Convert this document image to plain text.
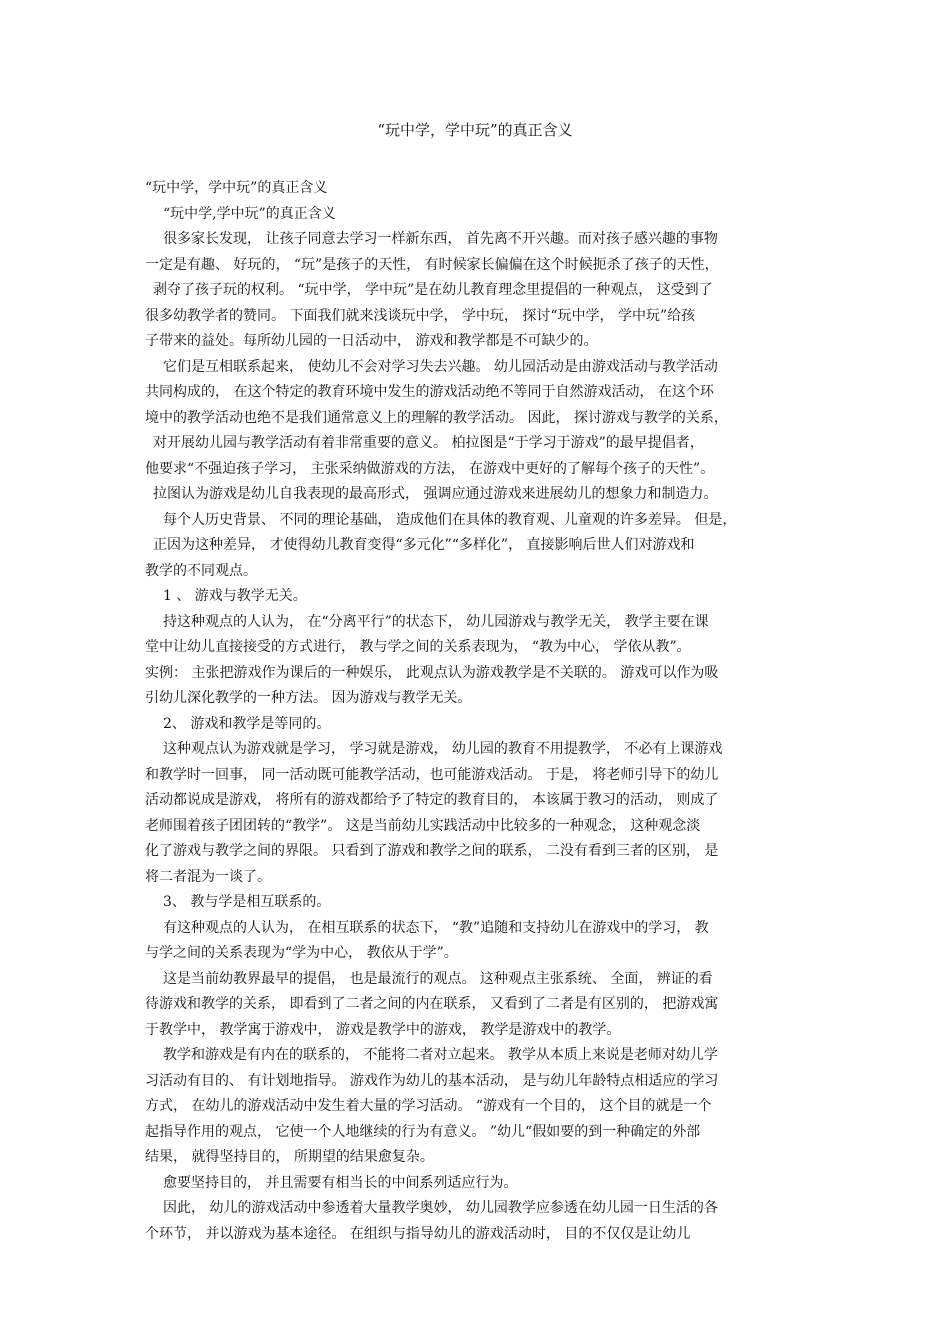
“玩中学，学中玩”的真正含义
“玩中学，学中玩”的真正含义
“玩中学,学中玩”的真正含义
很多家长发现， 让孩子同意去学习一样新东西， 首先离不开兴趣。而对孩子感兴趣的事物
一定是有趣、 好玩的， “玩”是孩子的天性， 有时候家长偏偏在这个时候扼杀了孩子的天性，
剥夺了孩子玩的权利。 “玩中学， 学中玩”是在幼儿教育理念里提倡的一种观点， 这受到了
很多幼教学者的赞同。 下面我们就来浅谈玩中学， 学中玩， 探讨“玩中学， 学中玩”给孩
子带来的益处。每所幼儿园的一日活动中， 游戏和教学都是不可缺少的。
它们是互相联系起来， 使幼儿不会对学习失去兴趣。 幼儿园活动是由游戏活动与教学活动
共同构成的， 在这个特定的教育环境中发生的游戏活动绝不等同于自然游戏活动， 在这个环
境中的教学活动也绝不是我们通常意义上的理解的教学活动。 因此， 探讨游戏与教学的关系，
对开展幼儿园与教学活动有着非常重要的意义。 柏拉图是“于学习于游戏”的最早提倡者，
他要求“不强迫孩子学习， 主张采纳做游戏的方法， 在游戏中更好的了解每个孩子的天性”。
拉图认为游戏是幼儿自我表现的最高形式， 强调应通过游戏来进展幼儿的想象力和制造力。
每个人历史背景、 不同的理论基础， 造成他们在具体的教育观、儿童观的许多差异。 但是，
正因为这种差异， 才使得幼儿教育变得“多元化”“多样化”， 直接影响后世人们对游戏和
教学的不同观点。
1 、 游戏与教学无关。
持这种观点的人认为， 在“分离平行”的状态下， 幼儿园游戏与教学无关， 教学主要在课
堂中让幼儿直接接受的方式进行， 教与学之间的关系表现为， “教为中心， 学依从教”。
实例： 主张把游戏作为课后的一种娱乐， 此观点认为游戏教学是不关联的。 游戏可以作为吸
引幼儿深化教学的一种方法。 因为游戏与教学无关。
2、 游戏和教学是等同的。
这种观点认为游戏就是学习， 学习就是游戏， 幼儿园的教育不用提教学， 不必有上课游戏
和教学时一回事， 同一活动既可能教学活动，也可能游戏活动。 于是， 将老师引导下的幼儿
活动都说成是游戏， 将所有的游戏都给予了特定的教育目的， 本该属于教习的活动， 则成了
老师围着孩子团团转的“教学”。 这是当前幼儿实践活动中比较多的一种观念， 这种观念淡
化了游戏与教学之间的界限。 只看到了游戏和教学之间的联系， 二没有看到三者的区别， 是
将二者混为一谈了。
3、 教与学是相互联系的。
有这种观点的人认为， 在相互联系的状态下， “教”追随和支持幼儿在游戏中的学习， 教
与学之间的关系表现为“学为中心， 教依从于学”。
这是当前幼教界最早的提倡， 也是最流行的观点。 这种观点主张系统、 全面， 辨证的看
待游戏和教学的关系， 即看到了二者之间的内在联系， 又看到了二者是有区别的， 把游戏寓
于教学中， 教学寓于游戏中， 游戏是教学中的游戏， 教学是游戏中的教学。
教学和游戏是有内在的联系的， 不能将二者对立起来。 教学从本质上来说是老师对幼儿学
习活动有目的、 有计划地指导。 游戏作为幼儿的基本活动， 是与幼儿年龄特点相适应的学习
方式， 在幼儿的游戏活动中发生着大量的学习活动。 “游戏有一个目的， 这个目的就是一个
起指导作用的观点， 它使一个人地继续的行为有意义。 ”幼儿“假如要的到一种确定的外部
结果， 就得坚持目的， 所期望的结果愈复杂。
愈要坚持目的， 并且需要有相当长的中间系列适应行为。
因此， 幼儿的游戏活动中参透着大量教学奥妙， 幼儿园教学应参透在幼儿园一日生活的各
个环节， 并以游戏为基本途径。 在组织与指导幼儿的游戏活动时， 目的不仅仅是让幼儿
